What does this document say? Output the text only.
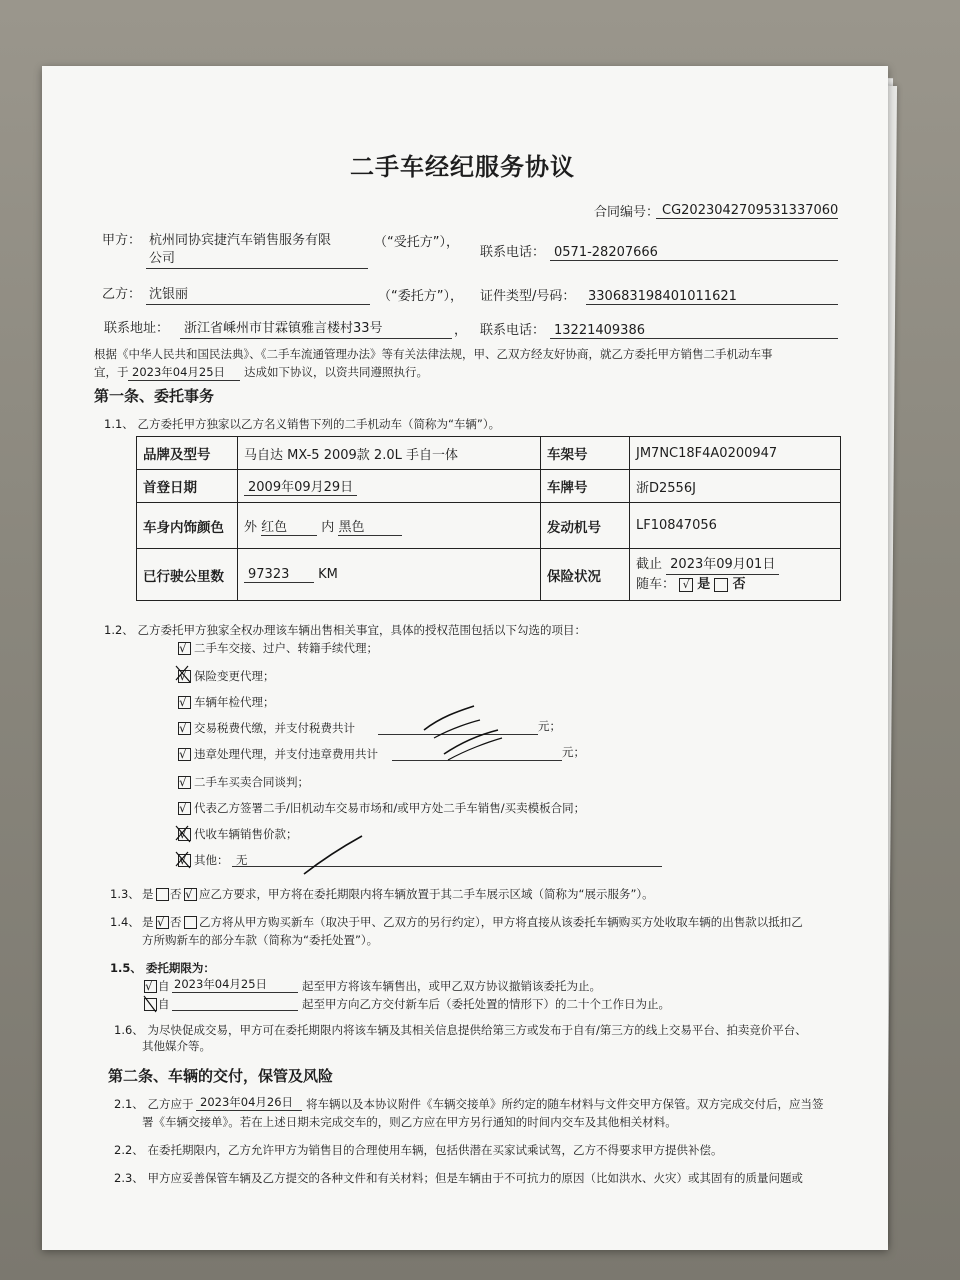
二手车经纪服务协议
合同编号： CG2023042709531337060
甲方： 杭州同协宾捷汽车销售服务有限
公司
（“受托方”），
联系电话： 0571-28207666
乙方： 沈银丽	（“委托方”）， 证件类型/号码： 330683198401011621
联系地址： 浙江省嵊州市甘霖镇雅言楼村33号	， 联系电话： 13221409386
根据《中华人民共和国民法典》、《二手车流通管理办法》等有关法律法规，甲、乙双方经友好协商，就乙方委托甲方销售二手机动车事
宜，于 2023年04月25日 达成如下协议，以资共同遵照执行。
第一条、委托事务
1.1、 乙方委托甲方独家以乙方名义销售下列的二手机动车（简称为“车辆”）。
品牌及型号	马自达 MX-5 2009款 2.0L 手自一体	车架号	JM7NC18F4A0200947
首登日期	2009年09月29日	车牌号	浙D2556J
车身内饰颜色	外 红色 内 黑色	发动机号	LF10847056
已行驶公里数	97323 KM	保险状况	截止 2023年09月01日
随车： √ 是 否
1.2、 乙方委托甲方独家全权办理该车辆出售相关事宜，具体的授权范围包括以下勾选的项目：
√ 二手车交接、过户、转籍手续代理；
√ 保险变更代理；
√ 车辆年检代理；
√ 交易税费代缴，并支付税费共计	元；
√ 违章处理代理，并支付违章费用共计	元；
√ 二手车买卖合同谈判；
√ 代表乙方签署二手/旧机动车交易市场和/或甲方处二手车销售/买卖模板合同；
√ 代收车辆销售价款；
√ 其他： 无
1.3、 是 否 √ 应乙方要求，甲方将在委托期限内将车辆放置于其二手车展示区域（简称为“展示服务”）。
1.4、 是 √ 否 乙方将从甲方购买新车（取决于甲、乙双方的另行约定），甲方将直接从该委托车辆购买方处收取车辆的出售款以抵扣乙
方所购新车的部分车款（简称为“委托处置”）。
1.5、 委托期限为：
√ 自 2023年04月25日	起至甲方将该车辆售出，或甲乙双方协议撤销该委托为止。
自	起至甲方向乙方交付新车后（委托处置的情形下）的二十个工作日为止。
1.6、 为尽快促成交易，甲方可在委托期限内将该车辆及其相关信息提供给第三方或发布于自有/第三方的线上交易平台、拍卖竞价平台、
其他媒介等。
第二条、车辆的交付，保管及风险
2.1、 乙方应于 2023年04月26日 将车辆以及本协议附件《车辆交接单》所约定的随车材料与文件交甲方保管。双方完成交付后，应当签
署《车辆交接单》。若在上述日期未完成交车的，则乙方应在甲方另行通知的时间内交车及其他相关材料。
2.2、 在委托期限内，乙方允许甲方为销售目的合理使用车辆，包括供潜在买家试乘试驾，乙方不得要求甲方提供补偿。
2.3、 甲方应妥善保管车辆及乙方提交的各种文件和有关材料；但是车辆由于不可抗力的原因（比如洪水、火灾）或其固有的质量问题或
